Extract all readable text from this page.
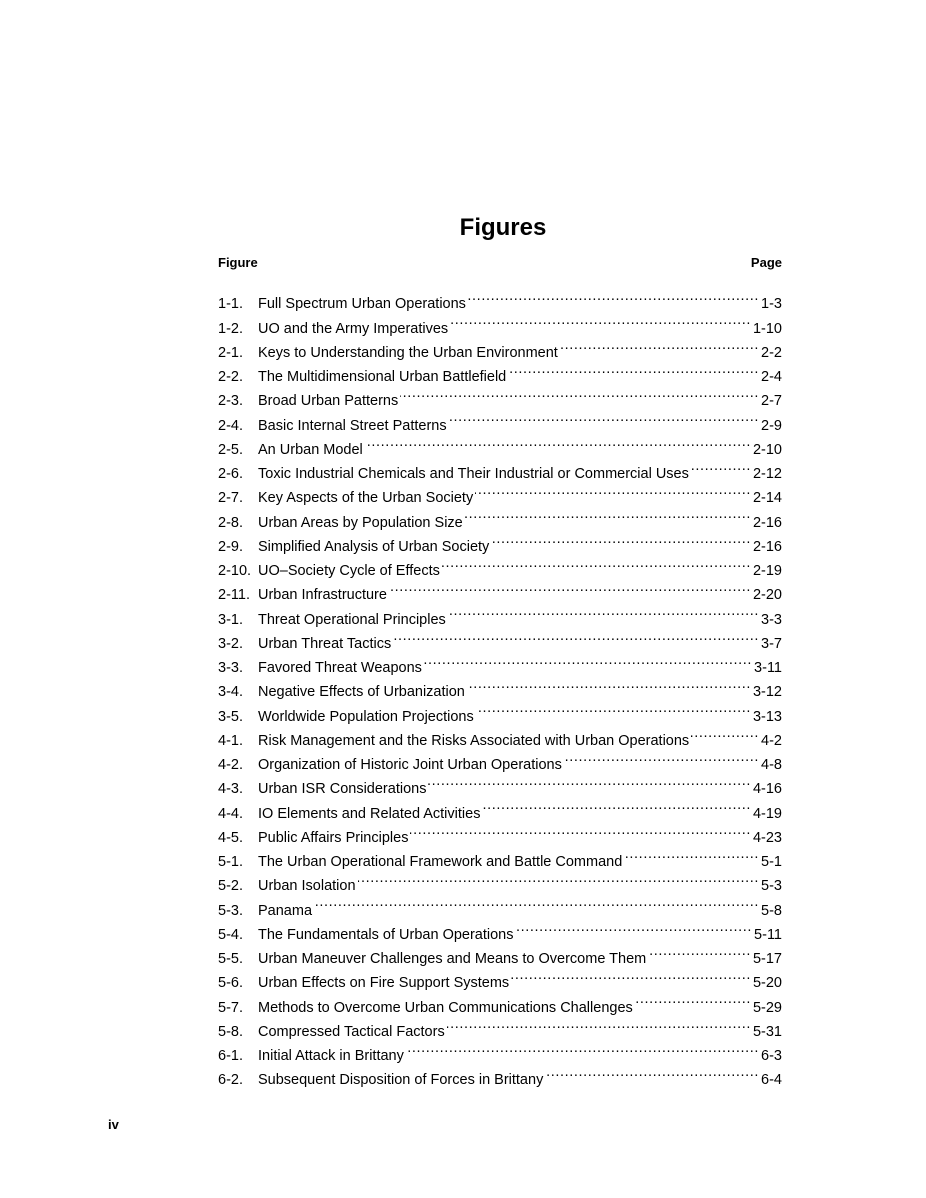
Figures
Figure	Page
1-1.	Full Spectrum Urban Operations .....	1-3
1-2.	UO and the Army Imperatives .....	1-10
2-1.	Keys to Understanding the Urban Environment .....	2-2
2-2.	The Multidimensional Urban Battlefield .....	2-4
2-3.	Broad Urban Patterns .....	2-7
2-4.	Basic Internal Street Patterns .....	2-9
2-5.	An Urban Model .....	2-10
2-6.	Toxic Industrial Chemicals and Their Industrial or Commercial Uses .....	2-12
2-7.	Key Aspects of the Urban Society .....	2-14
2-8.	Urban Areas by Population Size .....	2-16
2-9.	Simplified Analysis of Urban Society .....	2-16
2-10. UO–Society Cycle of Effects .....	2-19
2-11. Urban Infrastructure .....	2-20
3-1.	Threat Operational Principles .....	3-3
3-2.	Urban Threat Tactics .....	3-7
3-3.	Favored Threat Weapons .....	3-11
3-4.	Negative Effects of Urbanization .....	3-12
3-5.	Worldwide Population Projections .....	3-13
4-1.	Risk Management and the Risks Associated with Urban Operations .....	4-2
4-2.	Organization of Historic Joint Urban Operations .....	4-8
4-3.	Urban ISR Considerations .....	4-16
4-4.	IO Elements and Related Activities .....	4-19
4-5.	Public Affairs Principles .....	4-23
5-1.	The Urban Operational Framework and Battle Command .....	5-1
5-2.	Urban Isolation .....	5-3
5-3.	Panama .....	5-8
5-4.	The Fundamentals of Urban Operations .....	5-11
5-5.	Urban Maneuver Challenges and Means to Overcome Them .....	5-17
5-6.	Urban Effects on Fire Support Systems .....	5-20
5-7.	Methods to Overcome Urban Communications Challenges .....	5-29
5-8.	Compressed Tactical Factors .....	5-31
6-1.	Initial Attack in Brittany .....	6-3
6-2.	Subsequent Disposition of Forces in Brittany .....	6-4
iv
